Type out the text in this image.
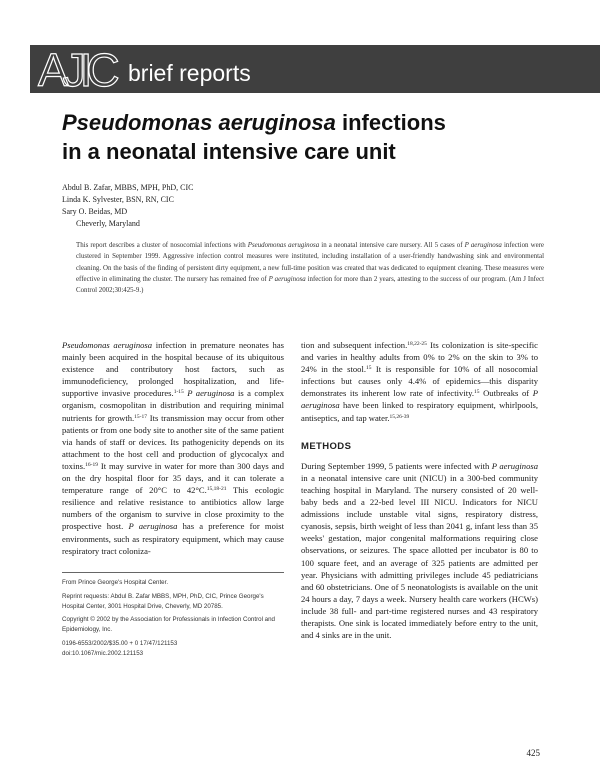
AJIC brief reports
Pseudomonas aeruginosa infections
in a neonatal intensive care unit
Abdul B. Zafar, MBBS, MPH, PhD, CIC
Linda K. Sylvester, BSN, RN, CIC
Sary O. Beidas, MD
Cheverly, Maryland

This report describes a cluster of nosocomial infections with Pseudomonas aeruginosa in a neonatal intensive care nursery. All 5 cases of P aeruginosa infection were clustered in September 1999. Aggressive infection control measures were instituted, including installation of a user-friendly handwashing sink and environmental cleaning. On the basis of the finding of persistent dirty equipment, a new full-time position was created that was dedicated to equipment cleaning. These measures were effective in eliminating the cluster. The nursery has remained free of P aeruginosa infection for more than 2 years, attesting to the success of our program. (Am J Infect Control 2002;30:425-9.)

Pseudomonas aeruginosa infection in premature neonates has mainly been acquired in the hospital because of its ubiquitous existence and contributory host factors, such as immunodeficiency, prolonged hospitalization, and life-supportive invasive procedures.$^{1-15}$ P aeruginosa is a complex organism, cosmopolitan in distribution and requiring minimal nutrients for growth.$^{15-17}$ Its transmission may occur from other patients or from one body site to another site of the same patient via hands of staff or devices. Its pathogenicity depends on its attachment to the host cell and production of glycocalyx and toxins.$^{16-19}$ It may survive in water for more than 300 days and on the dry hospital floor for 35 days, and it can tolerate a temperature range of 20°C to 42°C.$^{15,18-21}$ This ecologic resilience and relative resistance to antibiotics allow large numbers of the organism to survive in close proximity to the prospective host. P aeruginosa has a preference for moist environments, such as respiratory equipment, which may cause respiratory tract coloniza-

From Prince George's Hospital Center.

Reprint requests: Abdul B. Zafar MBBS, MPH, PhD, CIC, Prince George's Hospital Center, 3001 Hospital Drive, Cheverly, MD 20785.

Copyright © 2002 by the Association for Professionals in Infection Control and Epidemiology, Inc.

0196-6553/2002/$35.00 + 0 17/47/121153

doi:10.1067/mic.2002.121153

tion and subsequent infection.$^{18,22-25}$ Its colonization is site-specific and varies in healthy adults from 0% to 2% on the skin to 3% to 24% in the stool.$^{15}$ It is responsible for 10% of all nosocomial infections but causes only 4.4% of epidemics—this disparity demonstrates its inherent low rate of infectivity.$^{15}$ Outbreaks of P aeruginosa have been linked to respiratory equipment, whirlpools, antiseptics, and tap water.$^{15,26-39}$

METHODS

During September 1999, 5 patients were infected with P aeruginosa in a neonatal intensive care unit (NICU) in a 300-bed community teaching hospital in Maryland. The nursery consisted of 20 well-baby beds and a 22-bed level III NICU. Indicators for NICU admissions include unstable vital signs, respiratory distress, cyanosis, sepsis, birth weight of less than 2041 g, infant less than 35 weeks' gestation, major congenital malformations requiring close observations, or seizures. The space allotted per incubator is 80 to 100 square feet, and an average of 325 patients are admitted per year. Physicians with admitting privileges include 45 pediatricians and 60 obstetricians. One of 5 neonatologists is available on the unit 24 hours a day, 7 days a week. Nursery health care workers (HCWs) include 38 full- and part-time registered nurses and 43 respiratory therapists. One sink is located immediately before entry to the unit, and 4 sinks are in the unit.

425
